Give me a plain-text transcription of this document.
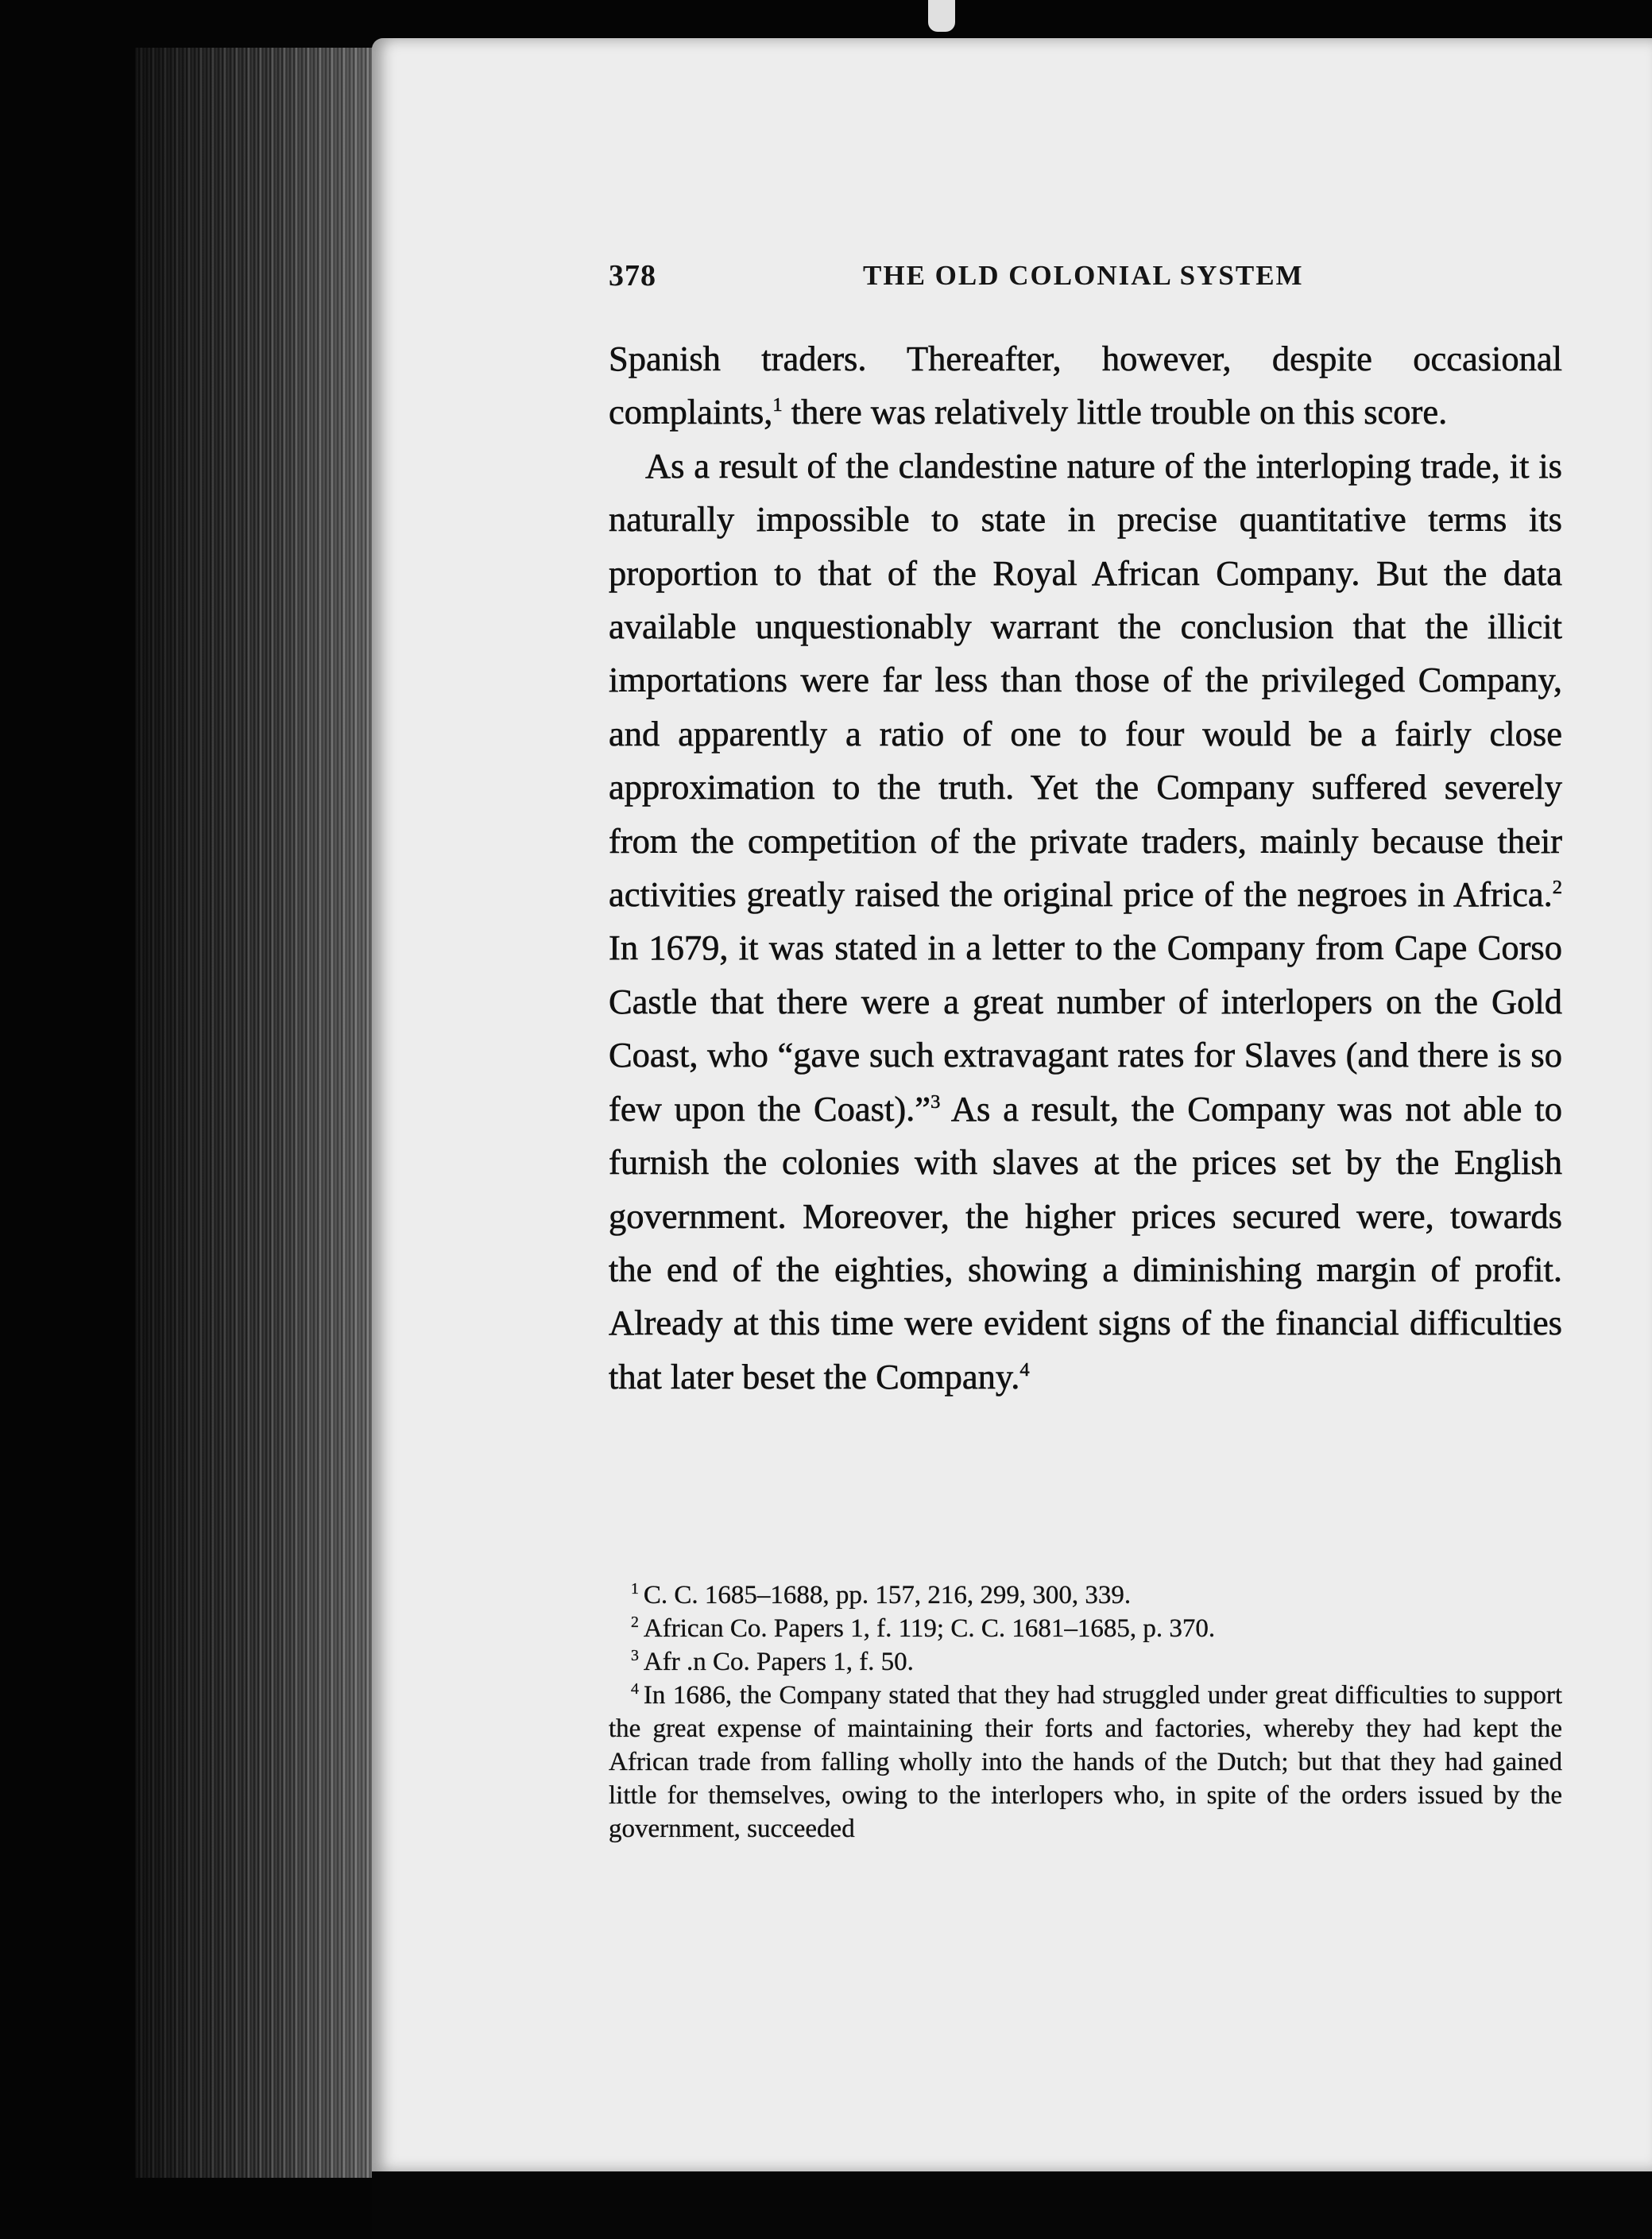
378	THE OLD COLONIAL SYSTEM

Spanish traders. Thereafter, however, despite occasional complaints,$^1$ there was relatively little trouble on this score.

As a result of the clandestine nature of the interloping trade, it is naturally impossible to state in precise quantitative terms its proportion to that of the Royal African Company. But the data available unquestionably warrant the conclusion that the illicit importations were far less than those of the privileged Company, and apparently a ratio of one to four would be a fairly close approximation to the truth. Yet the Company suffered severely from the competition of the private traders, mainly because their activities greatly raised the original price of the negroes in Africa.$^2$ In 1679, it was stated in a letter to the Company from Cape Corso Castle that there were a great number of interlopers on the Gold Coast, who “gave such extravagant rates for Slaves (and there is so few upon the Coast).”$^3$ As a result, the Company was not able to furnish the colonies with slaves at the prices set by the English government. Moreover, the higher prices secured were, towards the end of the eighties, showing a diminishing margin of profit. Already at this time were evident signs of the financial difficulties that later beset the Company.$^4$

$^1$ C. C. 1685–1688, pp. 157, 216, 299, 300, 339.

$^2$ African Co. Papers 1, f. 119; C. C. 1681–1685, p. 370.

$^3$ Afr .n Co. Papers 1, f. 50.

$^4$ In 1686, the Company stated that they had struggled under great difficulties to support the great expense of maintaining their forts and factories, whereby they had kept the African trade from falling wholly into the hands of the Dutch; but that they had gained little for themselves, owing to the interlopers who, in spite of the orders issued by the government, succeeded
